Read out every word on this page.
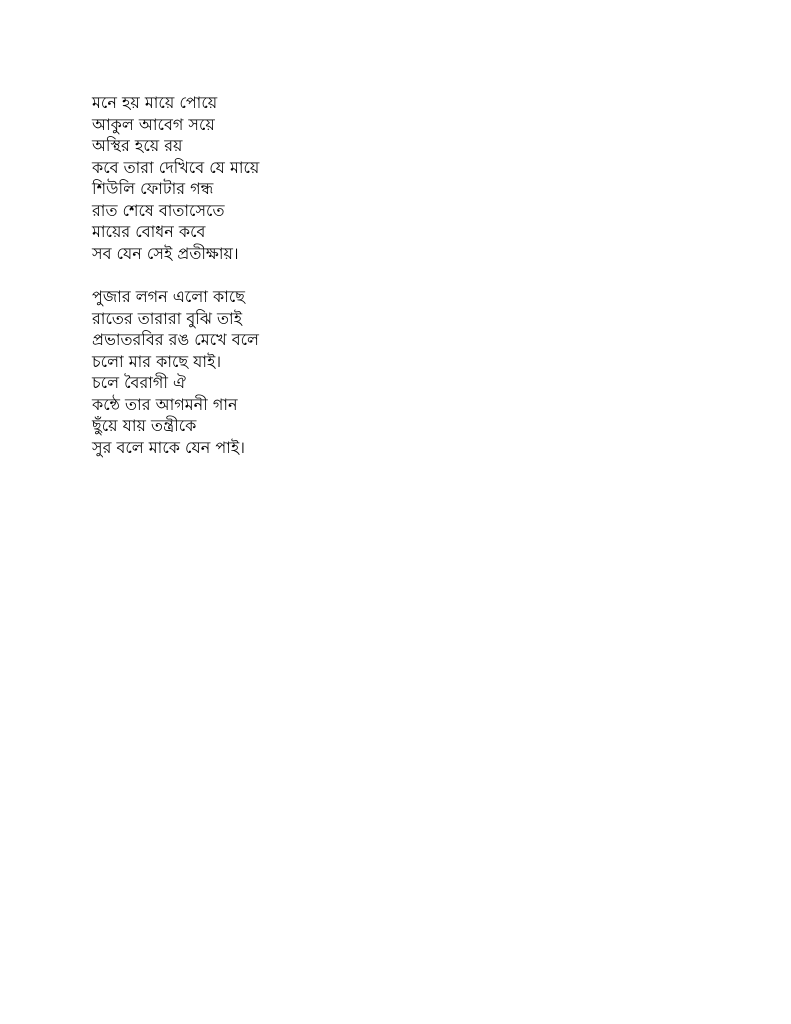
মনে হয় মায়ে পোয়ে
আকুল আবেগ সয়ে
অস্থির হয়ে রয়
কবে তারা দেখিবে যে মায়ে
শিউলি ফোটার গন্ধ
রাত শেষে বাতাসেতে
মায়ের বোধন কবে
সব যেন সেই প্রতীক্ষায়।

পুজার লগন এলো কাছে
রাতের তারারা বুঝি তাই
প্রভাতরবির রঙ মেখে বলে
চলো মার কাছে যাই।
চলে বৈরাগী ঐ
কন্ঠে তার আগমনী গান
ছুঁয়ে যায় তন্ত্রীকে
সুর বলে মাকে যেন পাই।
